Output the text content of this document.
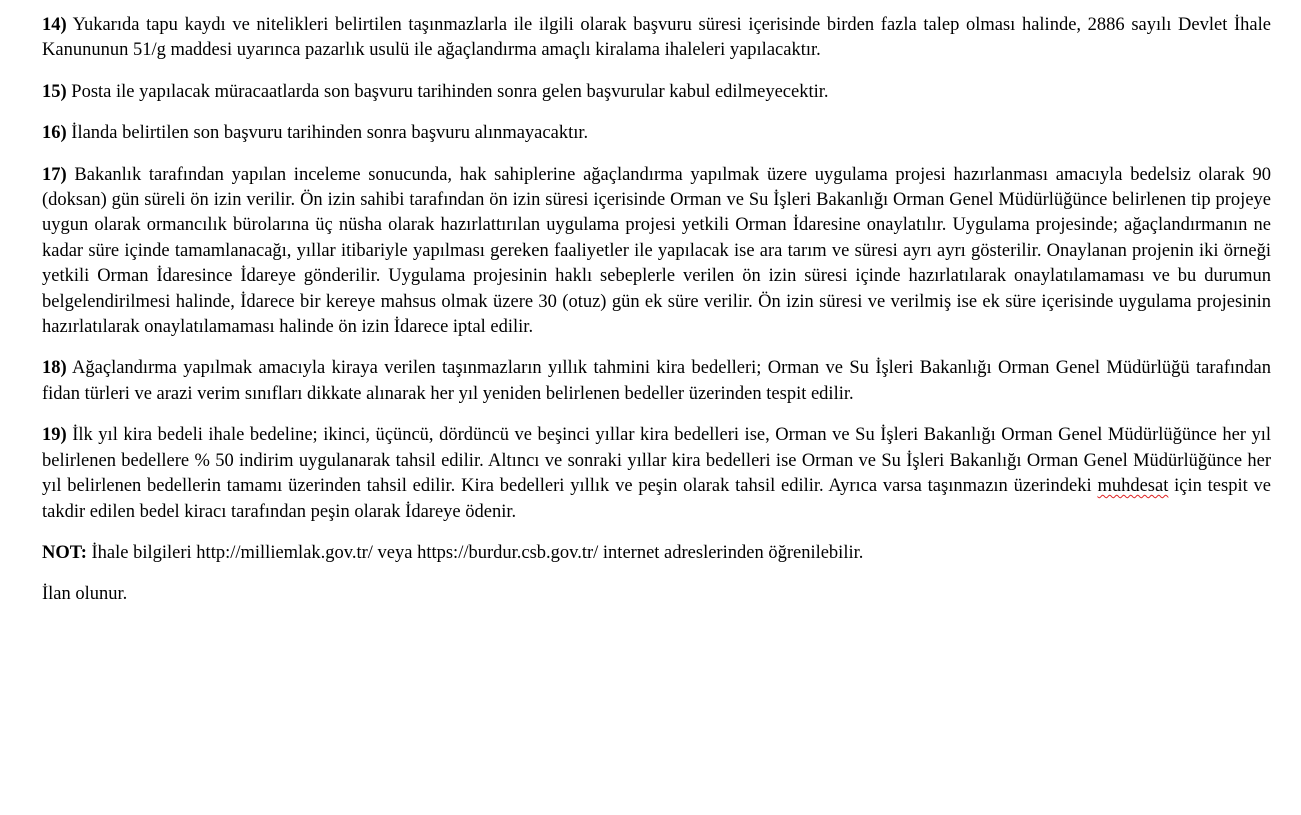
14) Yukarıda tapu kaydı ve nitelikleri belirtilen taşınmazlarla ile ilgili olarak başvuru süresi içerisinde birden fazla talep olması halinde, 2886 sayılı Devlet İhale Kanununun 51/g maddesi uyarınca pazarlık usulü ile ağaçlandırma amaçlı kiralama ihaleleri yapılacaktır.

15) Posta ile yapılacak müracaatlarda son başvuru tarihinden sonra gelen başvurular kabul edilmeyecektir.

16) İlanda belirtilen son başvuru tarihinden sonra başvuru alınmayacaktır.

17) Bakanlık tarafından yapılan inceleme sonucunda, hak sahiplerine ağaçlandırma yapılmak üzere uygulama projesi hazırlanması amacıyla bedelsiz olarak 90 (doksan) gün süreli ön izin verilir. Ön izin sahibi tarafından ön izin süresi içerisinde Orman ve Su İşleri Bakanlığı Orman Genel Müdürlüğünce belirlenen tip projeye uygun olarak ormancılık bürolarına üç nüsha olarak hazırlattırılan uygulama projesi yetkili Orman İdaresine onaylatılır. Uygulama projesinde; ağaçlandırmanın ne kadar süre içinde tamamlanacağı, yıllar itibariyle yapılması gereken faaliyetler ile yapılacak ise ara tarım ve süresi ayrı ayrı gösterilir. Onaylanan projenin iki örneği yetkili Orman İdaresince İdareye gönderilir. Uygulama projesinin haklı sebeplerle verilen ön izin süresi içinde hazırlatılarak onaylatılamaması ve bu durumun belgelendirilmesi halinde, İdarece bir kereye mahsus olmak üzere 30 (otuz) gün ek süre verilir. Ön izin süresi ve verilmiş ise ek süre içerisinde uygulama projesinin hazırlatılarak onaylatılamaması halinde ön izin İdarece iptal edilir.

18) Ağaçlandırma yapılmak amacıyla kiraya verilen taşınmazların yıllık tahmini kira bedelleri; Orman ve Su İşleri Bakanlığı Orman Genel Müdürlüğü tarafından fidan türleri ve arazi verim sınıfları dikkate alınarak her yıl yeniden belirlenen bedeller üzerinden tespit edilir.

19) İlk yıl kira bedeli ihale bedeline; ikinci, üçüncü, dördüncü ve beşinci yıllar kira bedelleri ise, Orman ve Su İşleri Bakanlığı Orman Genel Müdürlüğünce her yıl belirlenen bedellere % 50 indirim uygulanarak tahsil edilir. Altıncı ve sonraki yıllar kira bedelleri ise Orman ve Su İşleri Bakanlığı Orman Genel Müdürlüğünce her yıl belirlenen bedellerin tamamı üzerinden tahsil edilir. Kira bedelleri yıllık ve peşin olarak tahsil edilir. Ayrıca varsa taşınmazın üzerindeki muhdesat için tespit ve takdir edilen bedel kiracı tarafından peşin olarak İdareye ödenir.

NOT: İhale bilgileri http://milliemlak.gov.tr/ veya https://burdur.csb.gov.tr/ internet adreslerinden öğrenilebilir.

İlan olunur.
